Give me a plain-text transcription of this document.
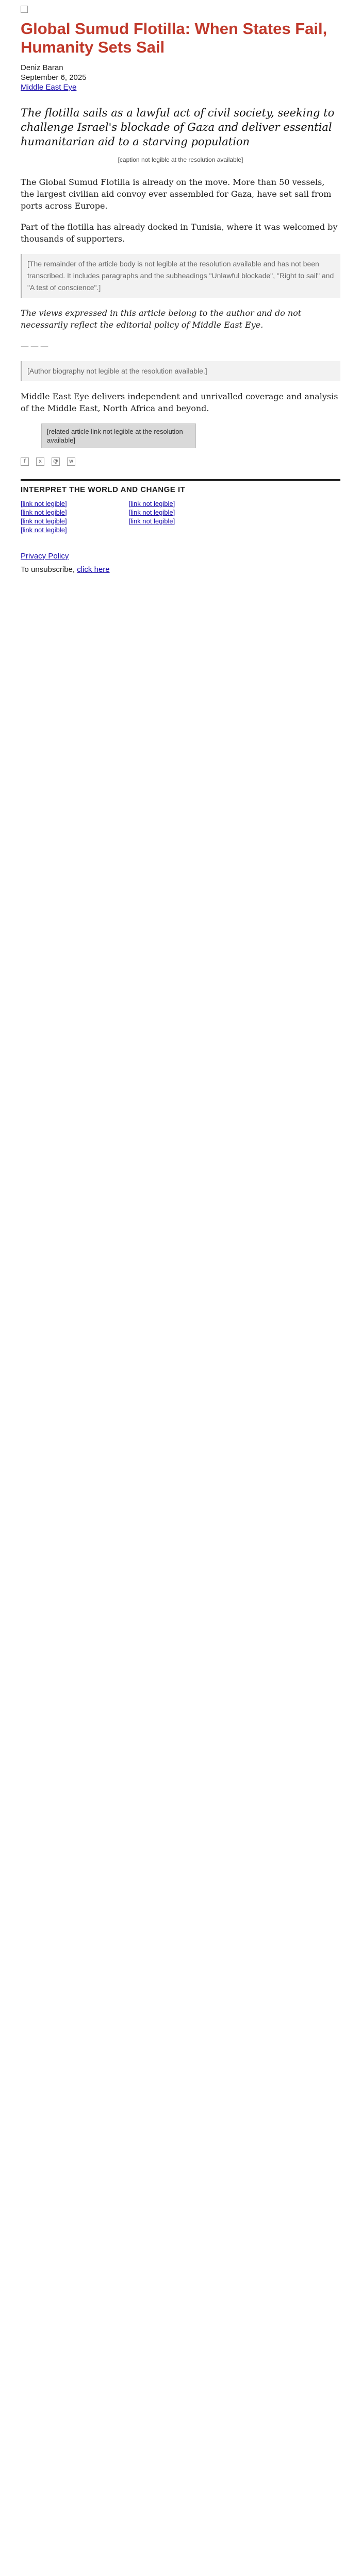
Global Sumud Flotilla: When States Fail, Humanity Sets Sail
Deniz Baran
September 6, 2025
Middle East Eye

The flotilla sails as a lawful act of civil society, seeking to challenge Israel's blockade of Gaza and deliver essential humanitarian aid to a starving population

[caption not legible at the resolution available]

The Global Sumud Flotilla is already on the move. More than 50 vessels, the largest civilian aid convoy ever assembled for Gaza, have set sail from ports across Europe.

Part of the flotilla has already docked in Tunisia, where it was welcomed by thousands of supporters.

[The remainder of the article body is not legible at the resolution available and has not been transcribed. It includes paragraphs and the subheadings "Unlawful blockade", "Right to sail" and "A test of conscience".]

The views expressed in this article belong to the author and do not necessarily reflect the editorial policy of Middle East Eye.

———

[Author biography not legible at the resolution available.]

Middle East Eye delivers independent and unrivalled coverage and analysis of the Middle East, North Africa and beyond.

[related article link not legible at the resolution available]
f	x	@	w
INTERPRET THE WORLD AND CHANGE IT
[link not legible]
[link not legible]
[link not legible]
[link not legible]
[link not legible]
[link not legible]
[link not legible]
Privacy Policy
To unsubscribe, click here
